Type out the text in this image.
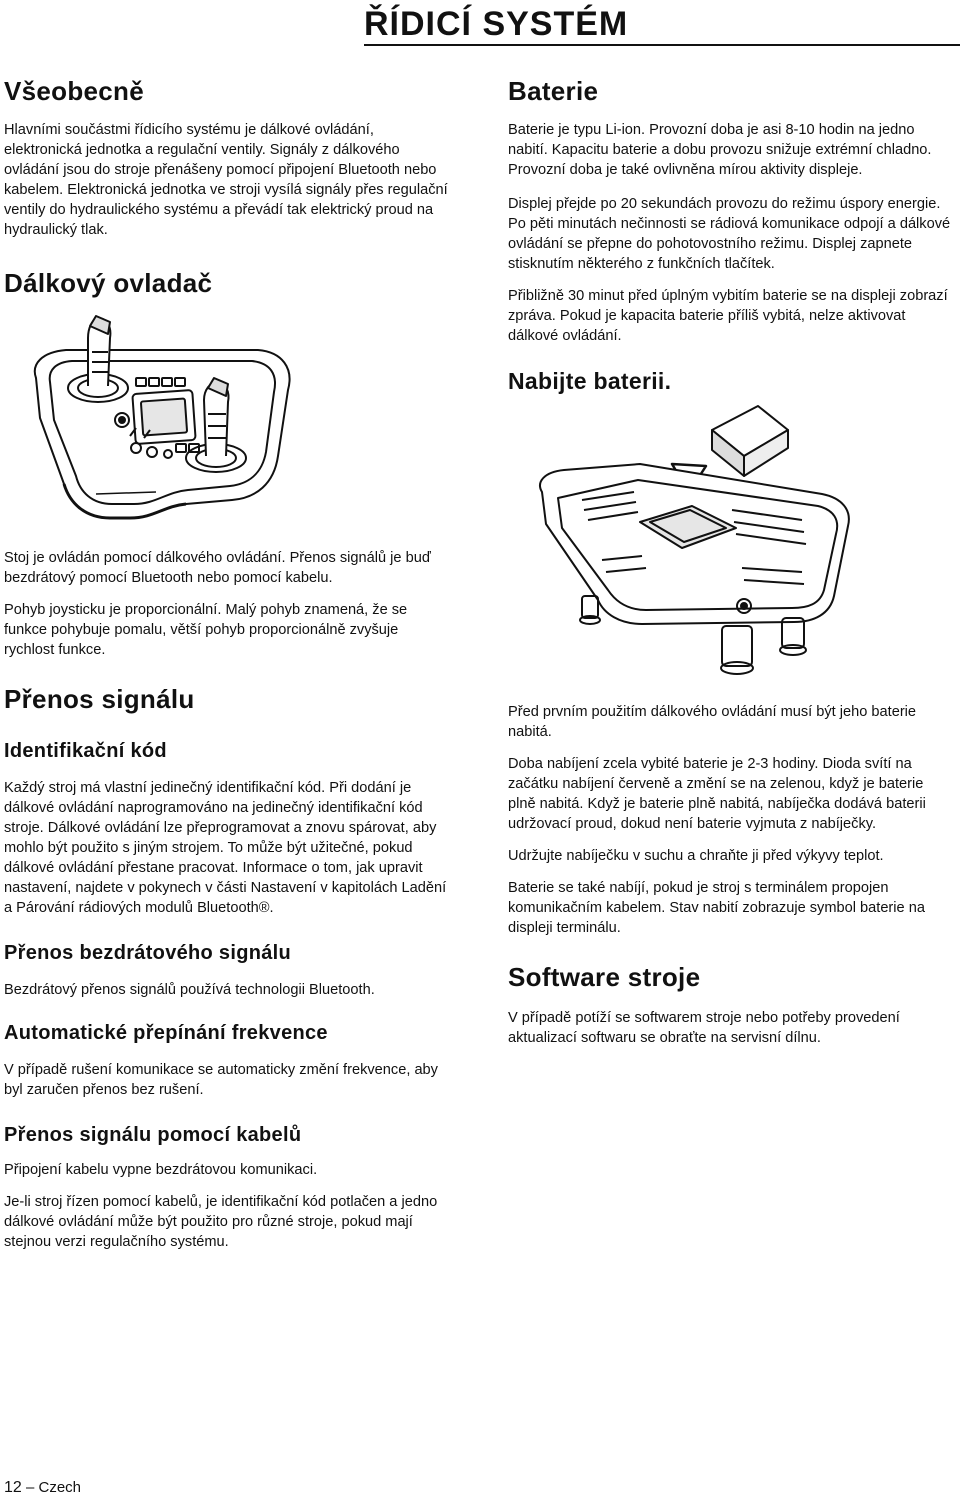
ŘÍDICÍ SYSTÉM
Všeobecně

Hlavními součástmi řídicího systému je dálkové ovládání, elektronická jednotka a regulační ventily. Signály z dálkového ovládání jsou do stroje přenášeny pomocí připojení Bluetooth nebo kabelem. Elektronická jednotka ve stroji vysílá signály přes regulační ventily do hydraulického systému a převádí tak elektrický proud na hydraulický tlak.

Dálkový ovladač

Stoj je ovládán pomocí dálkového ovládání. Přenos signálů je buď bezdrátový pomocí Bluetooth nebo pomocí kabelu.

Pohyb joysticku je proporcionální. Malý pohyb znamená, že se funkce pohybuje pomalu, větší pohyb proporcionálně zvyšuje rychlost funkce.

Přenos signálu
Identifikační kód

Každý stroj má vlastní jedinečný identifikační kód. Při dodání je dálkové ovládání naprogramováno na jedinečný identifikační kód stroje. Dálkové ovládání lze přeprogramovat a znovu spárovat, aby mohlo být použito s jiným strojem. To může být užitečné, pokud dálkové ovládání přestane pracovat. Informace o tom, jak upravit nastavení, najdete v pokynech v části Nastavení v kapitolách Ladění a Párování rádiových modulů Bluetooth®.

Přenos bezdrátového signálu

Bezdrátový přenos signálů používá technologii Bluetooth.

Automatické přepínání frekvence

V případě rušení komunikace se automaticky změní frekvence, aby byl zaručen přenos bez rušení.

Přenos signálu pomocí kabelů

Připojení kabelu vypne bezdrátovou komunikaci.

Je-li stroj řízen pomocí kabelů, je identifikační kód potlačen a jedno dálkové ovládání může být použito pro různé stroje, pokud mají stejnou verzi regulačního systému.

Baterie

Baterie je typu Li-ion. Provozní doba je asi 8-10 hodin na jedno nabití. Kapacitu baterie a dobu provozu snižuje extrémní chladno. Provozní doba je také ovlivněna mírou aktivity displeje.

Displej přejde po 20 sekundách provozu do režimu úspory energie. Po pěti minutách nečinnosti se rádiová komunikace odpojí a dálkové ovládání se přepne do pohotovostního režimu. Displej zapnete stisknutím některého z funkčních tlačítek.

Přibližně 30 minut před úplným vybitím baterie se na displeji zobrazí zpráva. Pokud je kapacita baterie příliš vybitá, nelze aktivovat dálkové ovládání.

Nabijte baterii.

Před prvním použitím dálkového ovládání musí být jeho baterie nabitá.

Doba nabíjení zcela vybité baterie je 2-3 hodiny. Dioda svítí na začátku nabíjení červeně a změní se na zelenou, když je baterie plně nabitá. Když je baterie plně nabitá, nabíječka dodává baterii udržovací proud, dokud není baterie vyjmuta z nabíječky.

Udržujte nabíječku v suchu a chraňte ji před výkyvy teplot.

Baterie se také nabíjí, pokud je stroj s terminálem propojen komunikačním kabelem. Stav nabití zobrazuje symbol baterie na displeji terminálu.

Software stroje

V případě potíží se softwarem stroje nebo potřeby provedení aktualizací softwaru se obraťte na servisní dílnu.

12 – Czech
